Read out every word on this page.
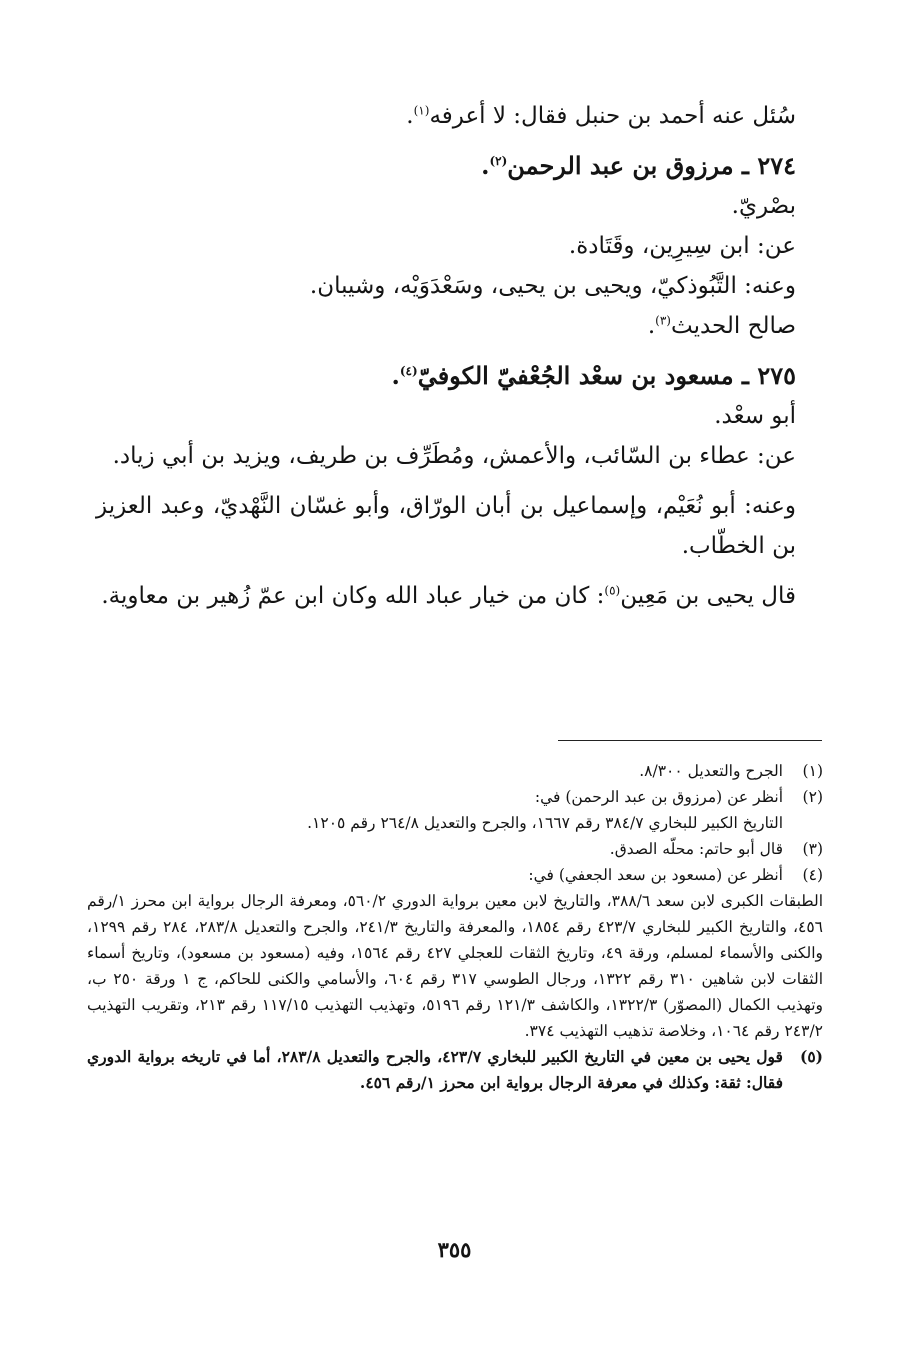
سُئل عنه أحمد بن حنبل فقال: لا أعرفه$^{(١)}$.

٢٧٤ ـ مرزوق بن عبد الرحمن$^{(٢)}$.

بصْريّ.

عن: ابن سِيرِين، وقَتَادة.

وعنه: التَّبُوذكيّ، ويحيى بن يحيى، وسَعْدَوَيْه، وشيبان.

صالح الحديث$^{(٣)}$.

٢٧٥ ـ مسعود بن سعْد الجُعْفيّ الكوفيّ$^{(٤)}$.

أبو سعْد.

عن: عطاء بن السّائب، والأعمش، ومُطَرِّف بن طريف، ويزيد بن أبي زياد.

وعنه: أبو نُعَيْم، وإسماعيل بن أبان الورّاق، وأبو غسّان النَّهْديّ، وعبد العزيز بن الخطّاب.

قال يحيى بن مَعِين$^{(٥)}$: كان من خيار عباد الله وكان ابن عمّ زُهير بن معاوية.

(١)
الجرح والتعديل ٨/٣٠٠.
(٢)
أنظر عن (مرزوق بن عبد الرحمن) في:
التاريخ الكبير للبخاري ٣٨٤/٧ رقم ١٦٦٧، والجرح والتعديل ٢٦٤/٨ رقم ١٢٠٥.
(٣)
قال أبو حاتم: محلّه الصدق.
(٤)
أنظر عن (مسعود بن سعد الجعفي) في:
الطبقات الكبرى لابن سعد ٣٨٨/٦، والتاريخ لابن معين برواية الدوري ٥٦٠/٢، ومعرفة الرجال برواية ابن محرز ١/رقم ٤٥٦، والتاريخ الكبير للبخاري ٤٢٣/٧ رقم ١٨٥٤، والمعرفة والتاريخ ٢٤١/٣، والجرح والتعديل ٢٨٣/٨، ٢٨٤ رقم ١٢٩٩، والكنى والأسماء لمسلم، ورقة ٤٩، وتاريخ الثقات للعجلي ٤٢٧ رقم ١٥٦٤، وفيه (مسعود بن مسعود)، وتاريخ أسماء الثقات لابن شاهين ٣١٠ رقم ١٣٢٢، ورجال الطوسي ٣١٧ رقم ٦٠٤، والأسامي والكنى للحاكم، ج ١ ورقة ٢٥٠ ب، وتهذيب الكمال (المصوّر) ١٣٢٢/٣، والكاشف ١٢١/٣ رقم ٥١٩٦، وتهذيب التهذيب ١١٧/١٥ رقم ٢١٣، وتقريب التهذيب ٢٤٣/٢ رقم ١٠٦٤، وخلاصة تذهيب التهذيب ٣٧٤.
(٥)
قول يحيى بن معين في التاريخ الكبير للبخاري ٤٢٣/٧، والجرح والتعديل ٢٨٣/٨، أما في تاريخه برواية الدوري فقال: ثقة: وكذلك في معرفة الرجال برواية ابن محرز ١/رقم ٤٥٦.
٣٥٥
